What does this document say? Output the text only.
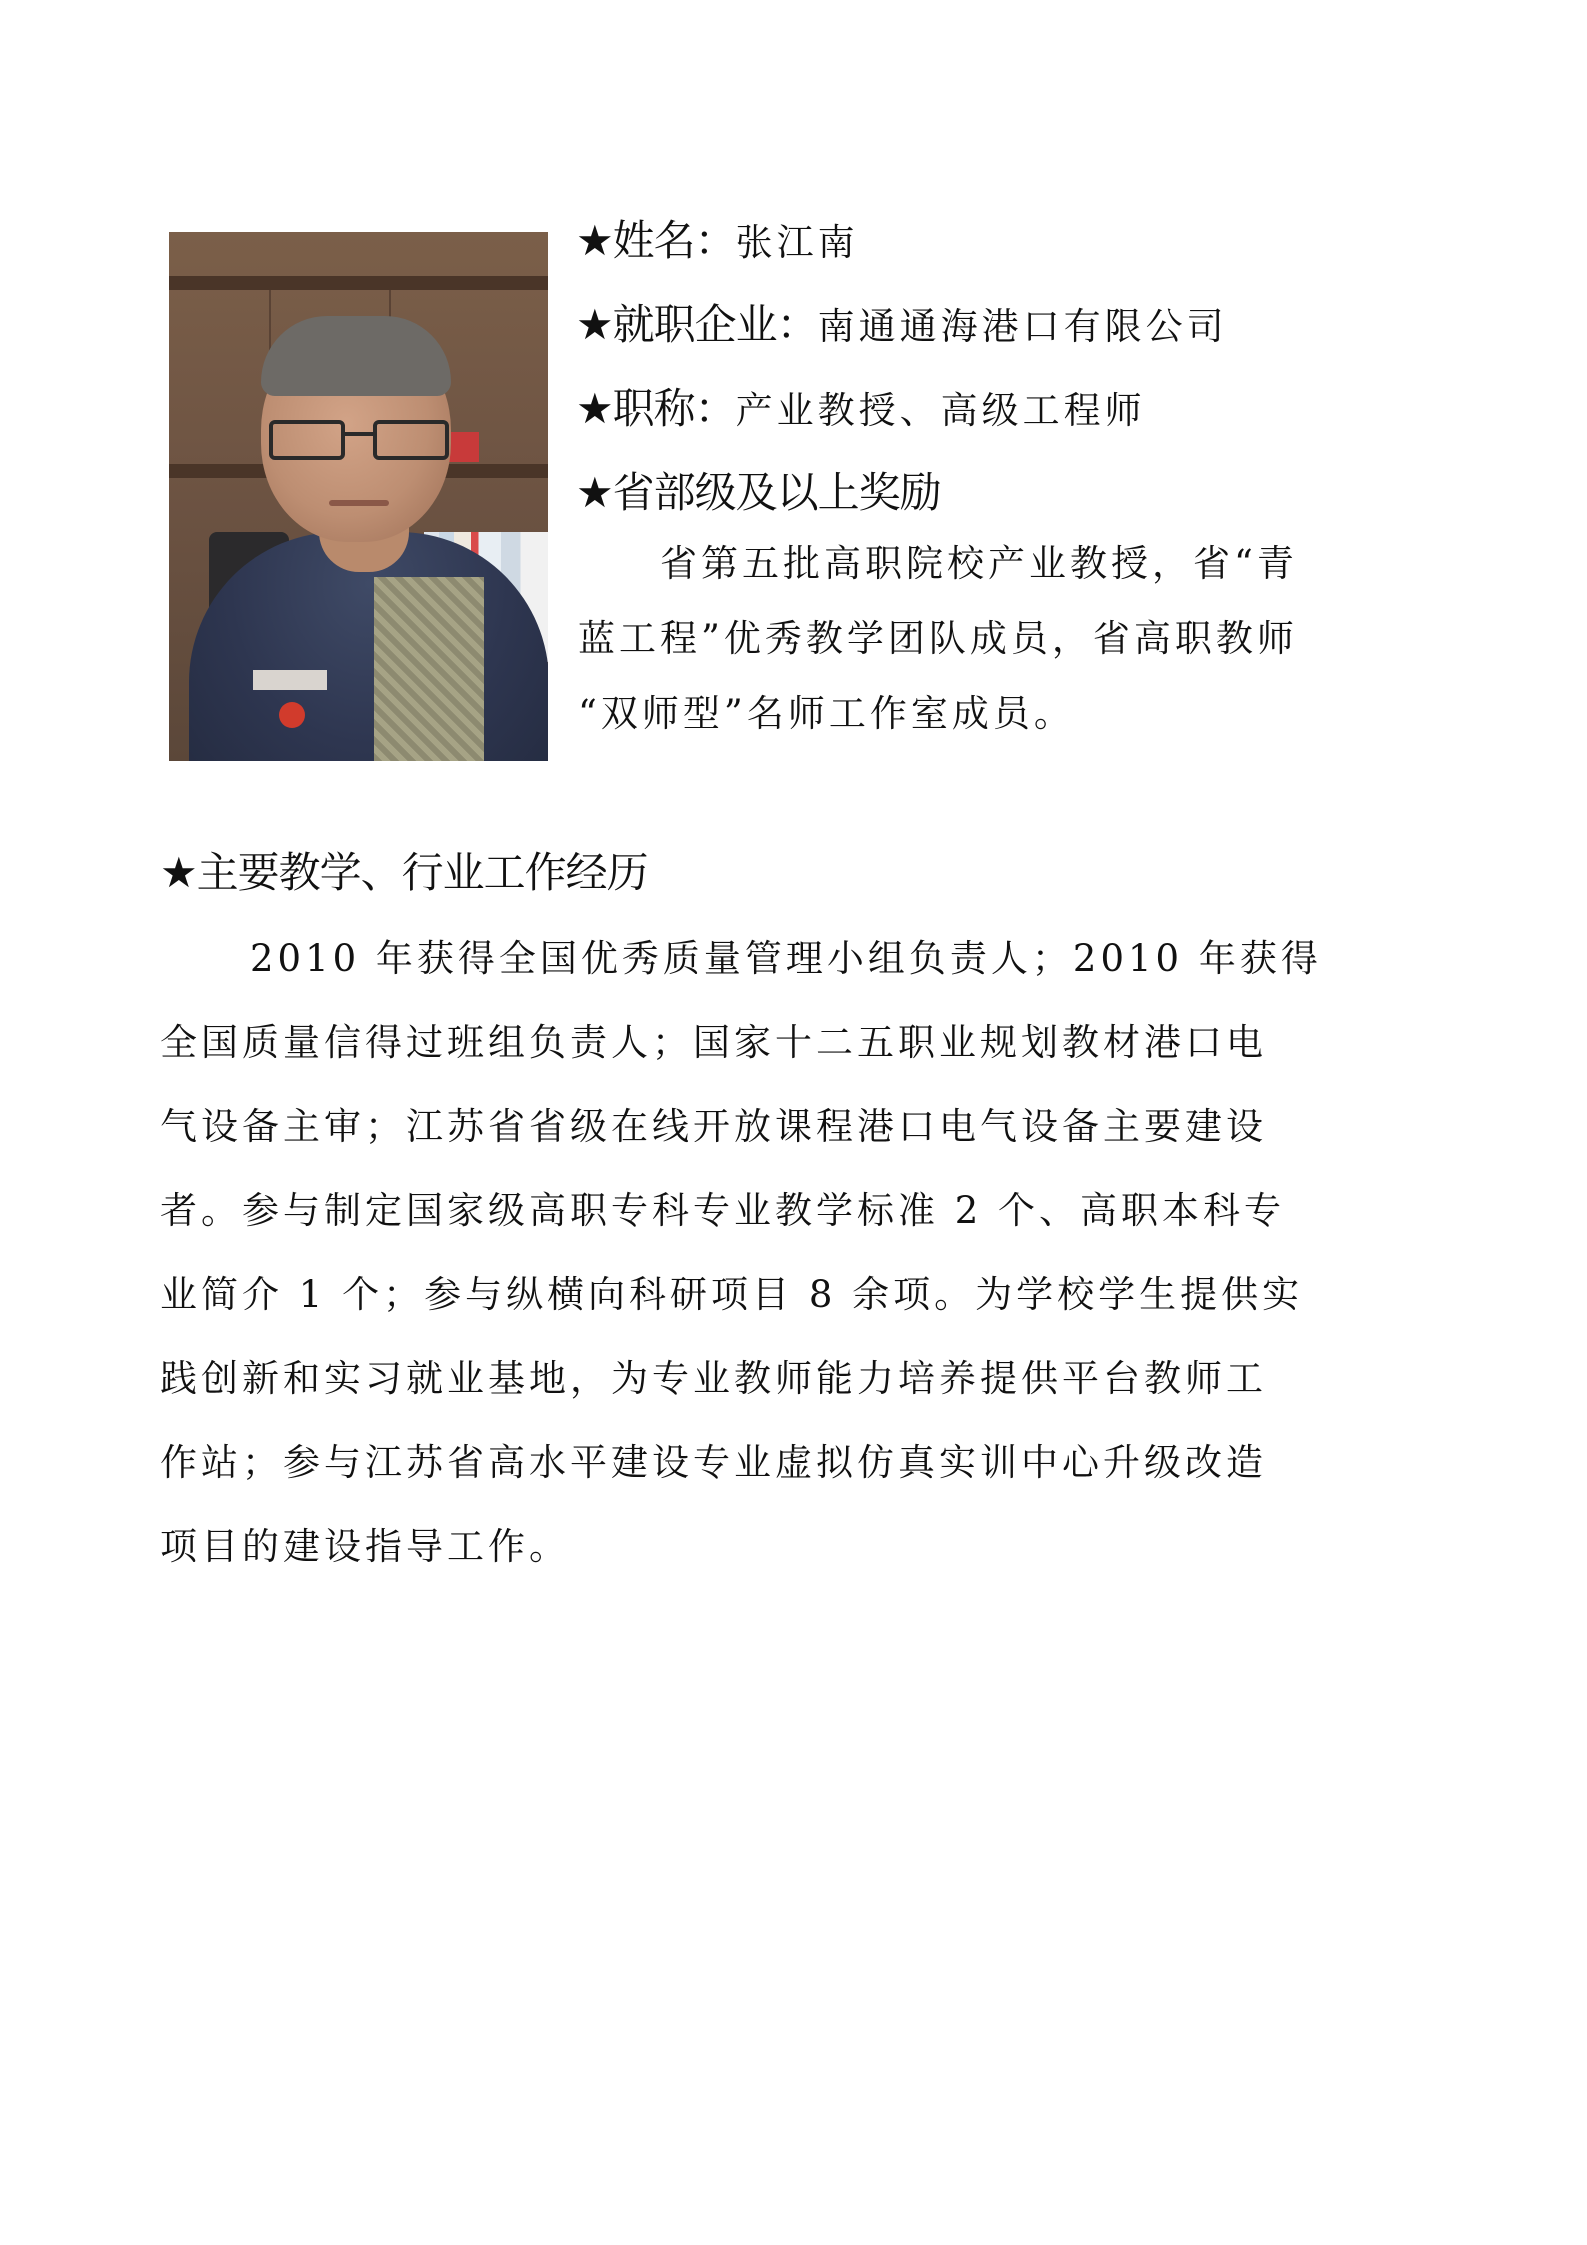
★姓名：张江南
★就职企业：南通通海港口有限公司
★职称：产业教授、高级工程师
★省部级及以上奖励
省第五批高职院校产业教授，省“青
蓝工程”优秀教学团队成员，省高职教师
“双师型”名师工作室成员。
★主要教学、行业工作经历
2010 年获得全国优秀质量管理小组负责人；2010 年获得
全国质量信得过班组负责人；国家十二五职业规划教材港口电
气设备主审；江苏省省级在线开放课程港口电气设备主要建设
者。参与制定国家级高职专科专业教学标准 2 个、高职本科专
业简介 1 个；参与纵横向科研项目 8 余项。为学校学生提供实
践创新和实习就业基地，为专业教师能力培养提供平台教师工
作站；参与江苏省高水平建设专业虚拟仿真实训中心升级改造
项目的建设指导工作。
